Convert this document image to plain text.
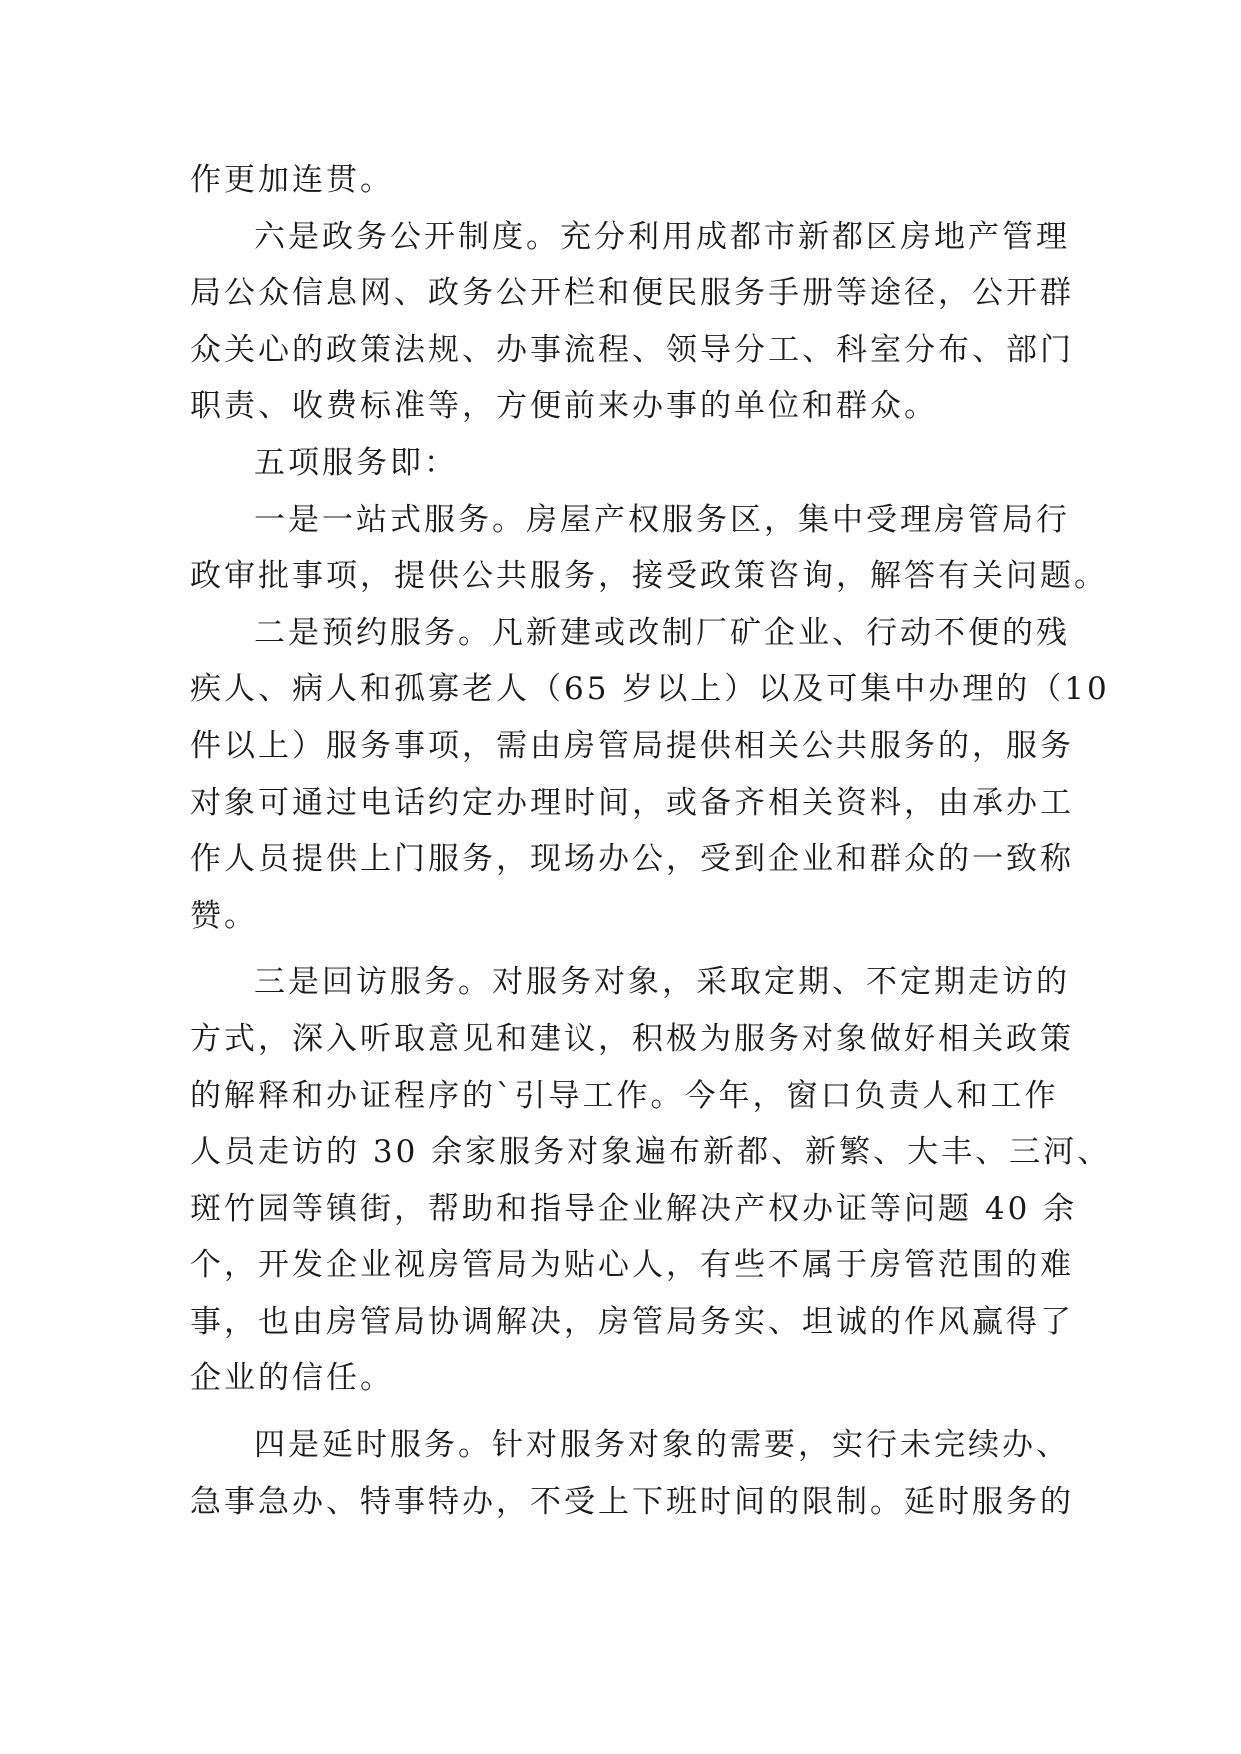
作更加连贯。
六是政务公开制度。充分利用成都市新都区房地产管理
局公众信息网、政务公开栏和便民服务手册等途径，公开群
众关心的政策法规、办事流程、领导分工、科室分布、部门
职责、收费标准等，方便前来办事的单位和群众。
五项服务即：
一是一站式服务。房屋产权服务区，集中受理房管局行
政审批事项，提供公共服务，接受政策咨询，解答有关问题。
二是预约服务。凡新建或改制厂矿企业、行动不便的残
疾人、病人和孤寡老人（65 岁以上）以及可集中办理的（10
件以上）服务事项，需由房管局提供相关公共服务的，服务
对象可通过电话约定办理时间，或备齐相关资料，由承办工
作人员提供上门服务，现场办公，受到企业和群众的一致称
赞。
三是回访服务。对服务对象，采取定期、不定期走访的
方式，深入听取意见和建议，积极为服务对象做好相关政策
的解释和办证程序的`引导工作。今年，窗口负责人和工作
人员走访的 30 余家服务对象遍布新都、新繁、大丰、三河、
斑竹园等镇街，帮助和指导企业解决产权办证等问题 40 余
个，开发企业视房管局为贴心人，有些不属于房管范围的难
事，也由房管局协调解决，房管局务实、坦诚的作风赢得了
企业的信任。
四是延时服务。针对服务对象的需要，实行未完续办、
急事急办、特事特办，不受上下班时间的限制。延时服务的
